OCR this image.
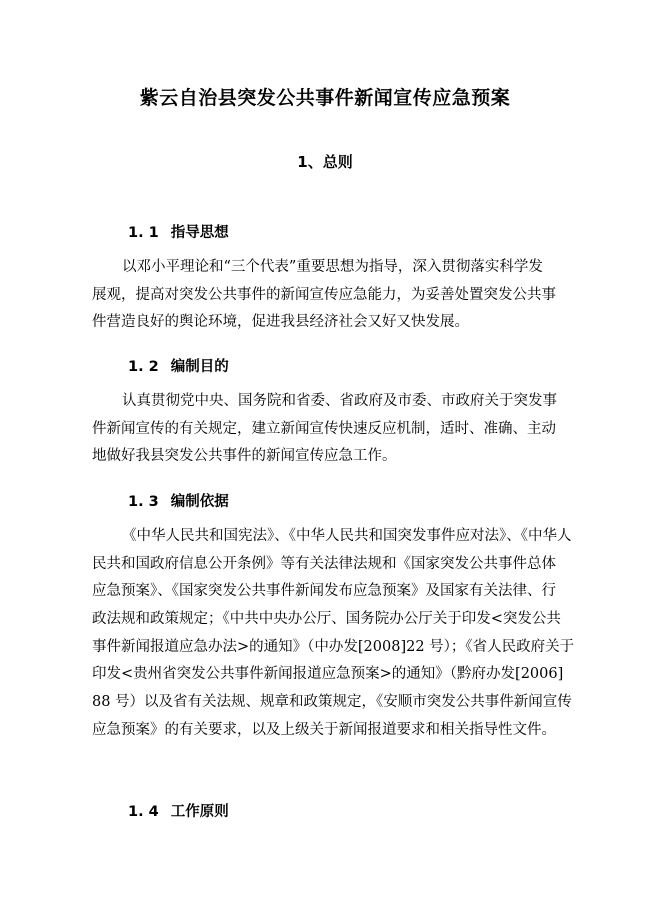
紫云自治县突发公共事件新闻宣传应急预案
1、总则
1. 1 指导思想
以邓小平理论和“三个代表”重要思想为指导，深入贯彻落实科学发
展观，提高对突发公共事件的新闻宣传应急能力，为妥善处置突发公共事
件营造良好的舆论环境，促进我县经济社会又好又快发展。
1. 2 编制目的
认真贯彻党中央、国务院和省委、省政府及市委、市政府关于突发事
件新闻宣传的有关规定，建立新闻宣传快速反应机制，适时、准确、主动
地做好我县突发公共事件的新闻宣传应急工作。
1. 3 编制依据
《中华人民共和国宪法》、《中华人民共和国突发事件应对法》、《中华人
民共和国政府信息公开条例》等有关法律法规和《国家突发公共事件总体
应急预案》、《国家突发公共事件新闻发布应急预案》及国家有关法律、行
政法规和政策规定；《中共中央办公厅、国务院办公厅关于印发<突发公共
事件新闻报道应急办法>的通知》（中办发[2008]22 号）；《省人民政府关于
印发<贵州省突发公共事件新闻报道应急预案>的通知》（黔府办发[2006]
88 号）以及省有关法规、规章和政策规定，《安顺市突发公共事件新闻宣传
应急预案》的有关要求，以及上级关于新闻报道要求和相关指导性文件。
1. 4 工作原则
